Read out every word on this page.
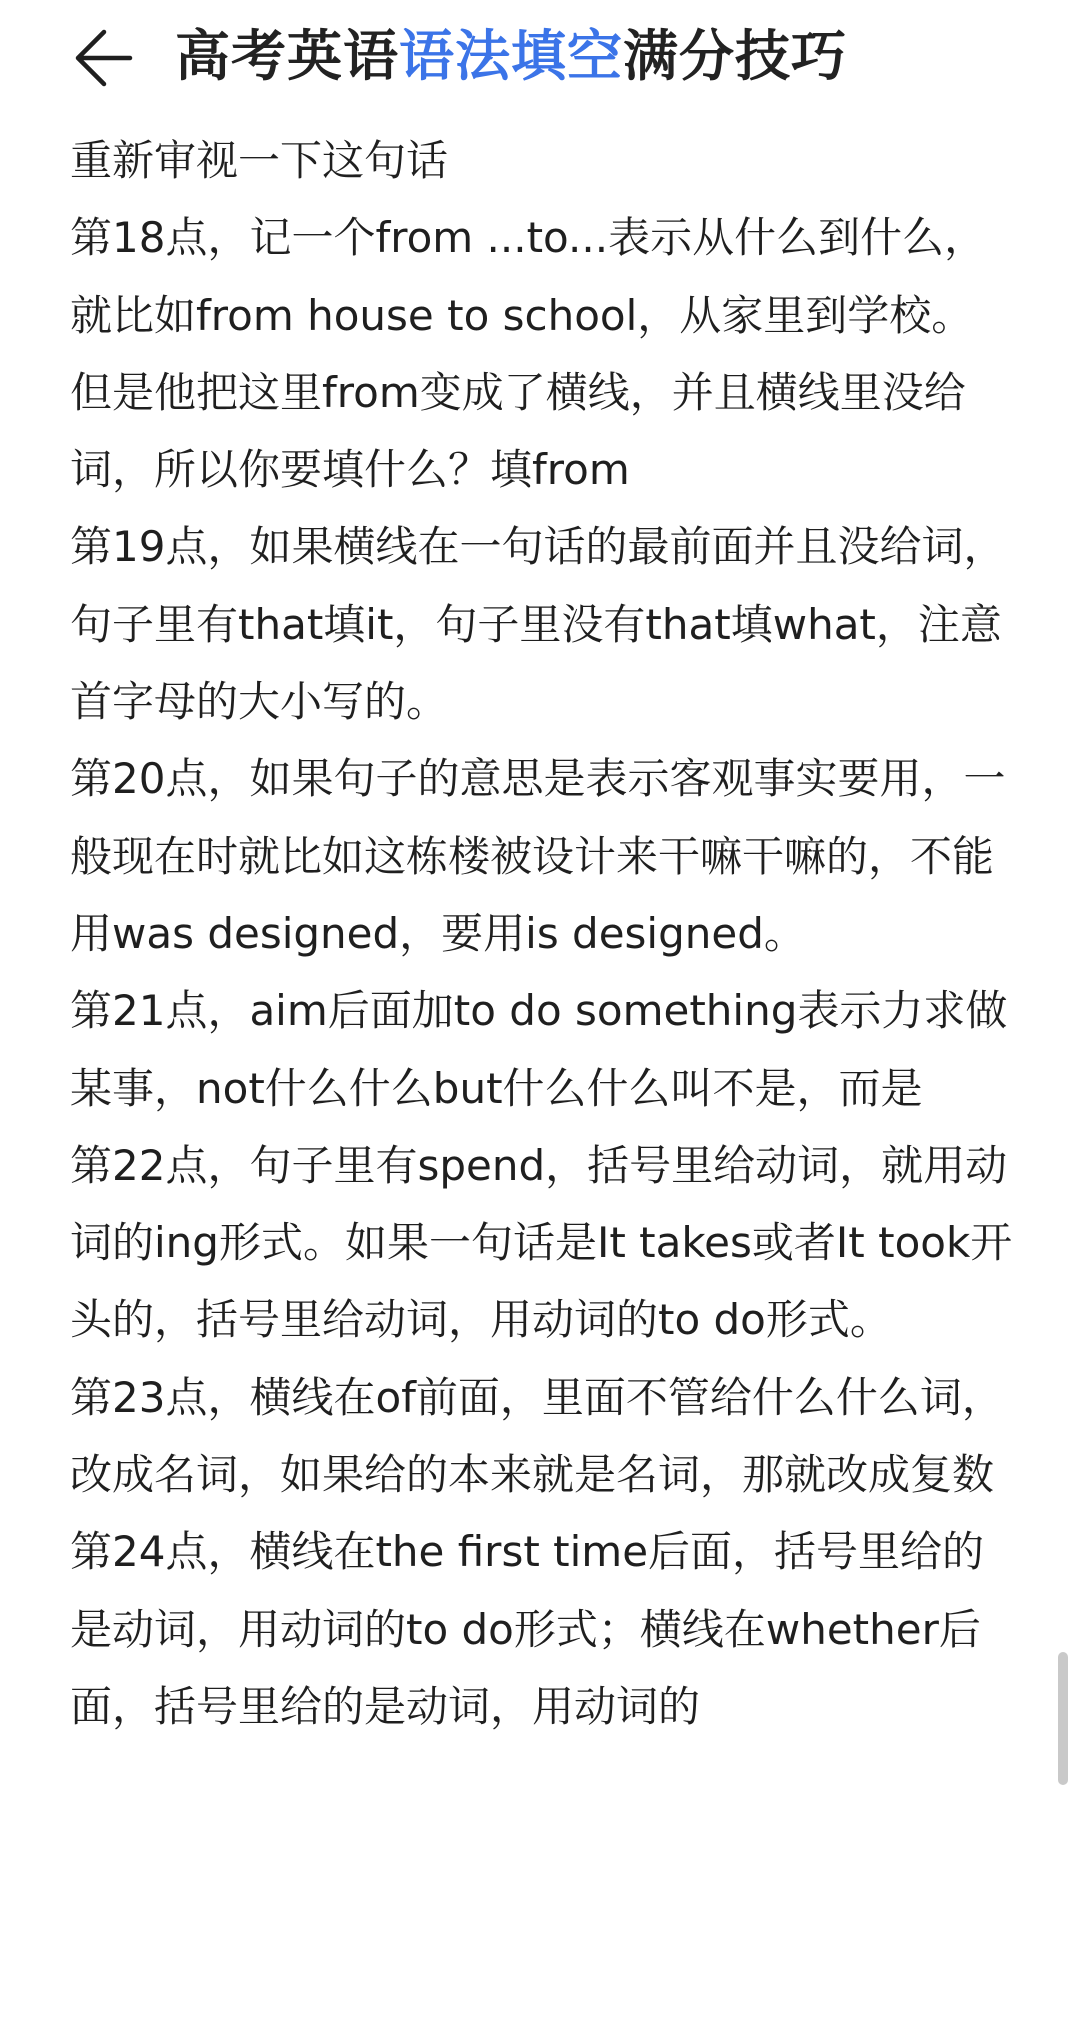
高考英语语法填空满分技巧

重新审视一下这句话

第18点，记一个from ...to...表示从什么到什么，就比如from house to school，从家里到学校。但是他把这里from变成了横线，并且横线里没给词，所以你要填什么？填from

第19点，如果横线在一句话的最前面并且没给词，句子里有that填it，句子里没有that填what，注意首字母的大小写的。

第20点，如果句子的意思是表示客观事实要用，一般现在时就比如这栋楼被设计来干嘛干嘛的，不能用was designed，要用is designed。

第21点，aim后面加to do something表示力求做某事，not什么什么but什么什么叫不是，而是

第22点，句子里有spend，括号里给动词，就用动词的ing形式。如果一句话是It takes或者It took开头的，括号里给动词，用动词的to do形式。

第23点，横线在of前面，里面不管给什么什么词，改成名词，如果给的本来就是名词，那就改成复数

第24点，横线在the first time后面，括号里给的是动词，用动词的to do形式；横线在whether后面，括号里给的是动词，用动词的
